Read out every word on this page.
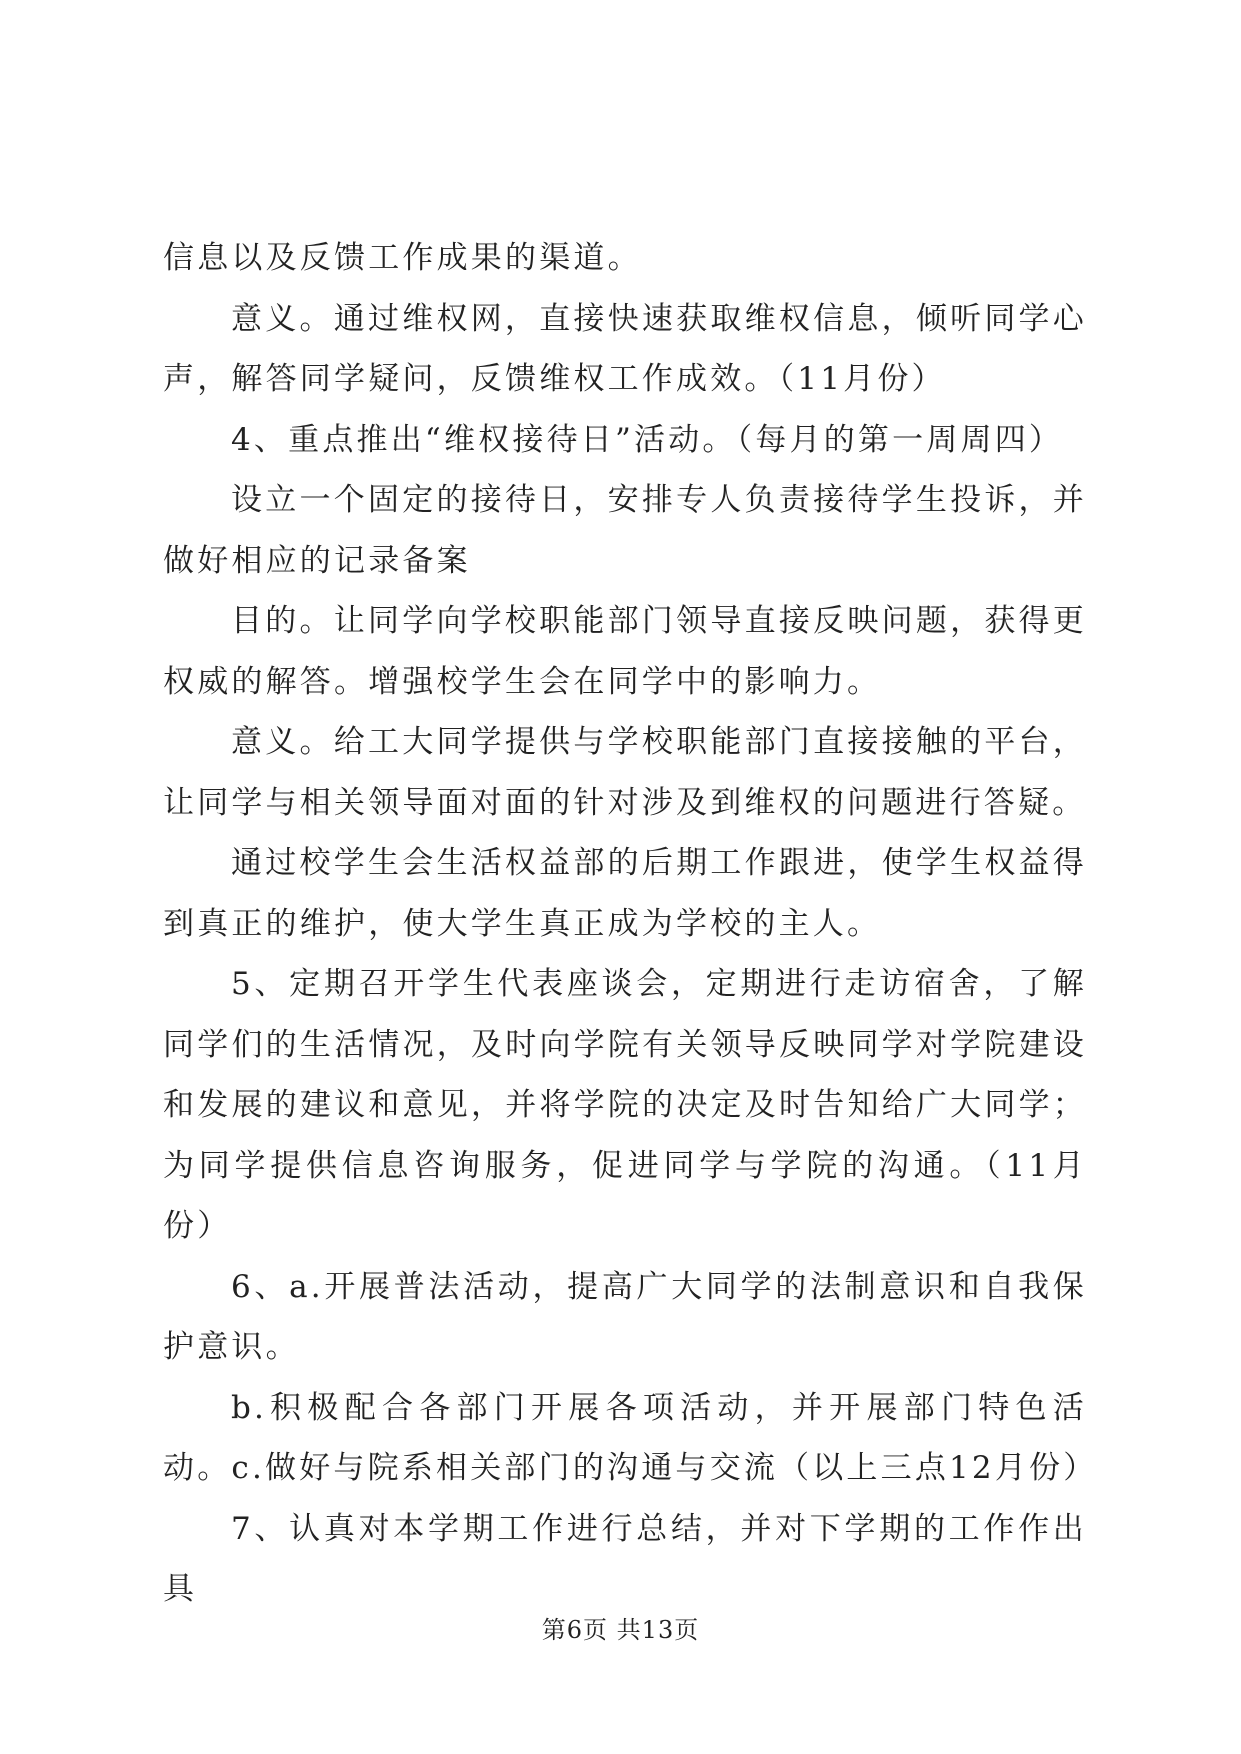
信息以及反馈工作成果的渠道。

意义。通过维权网，直接快速获取维权信息，倾听同学心声，解答同学疑问，反馈维权工作成效。（11月份）

4、重点推出“维权接待日”活动。（每月的第一周周四）

设立一个固定的接待日，安排专人负责接待学生投诉，并做好相应的记录备案

目的。让同学向学校职能部门领导直接反映问题，获得更权威的解答。增强校学生会在同学中的影响力。

意义。给工大同学提供与学校职能部门直接接触的平台，让同学与相关领导面对面的针对涉及到维权的问题进行答疑。

通过校学生会生活权益部的后期工作跟进，使学生权益得到真正的维护，使大学生真正成为学校的主人。

5、定期召开学生代表座谈会，定期进行走访宿舍，了解同学们的生活情况，及时向学院有关领导反映同学对学院建设和发展的建议和意见，并将学院的决定及时告知给广大同学；为同学提供信息咨询服务，促进同学与学院的沟通。（11月份）

6、a.开展普法活动，提高广大同学的法制意识和自我保护意识。

b.积极配合各部门开展各项活动，并开展部门特色活动。c.做好与院系相关部门的沟通与交流（以上三点12月份）

7、认真对本学期工作进行总结，并对下学期的工作作出具

第6页 共13页
